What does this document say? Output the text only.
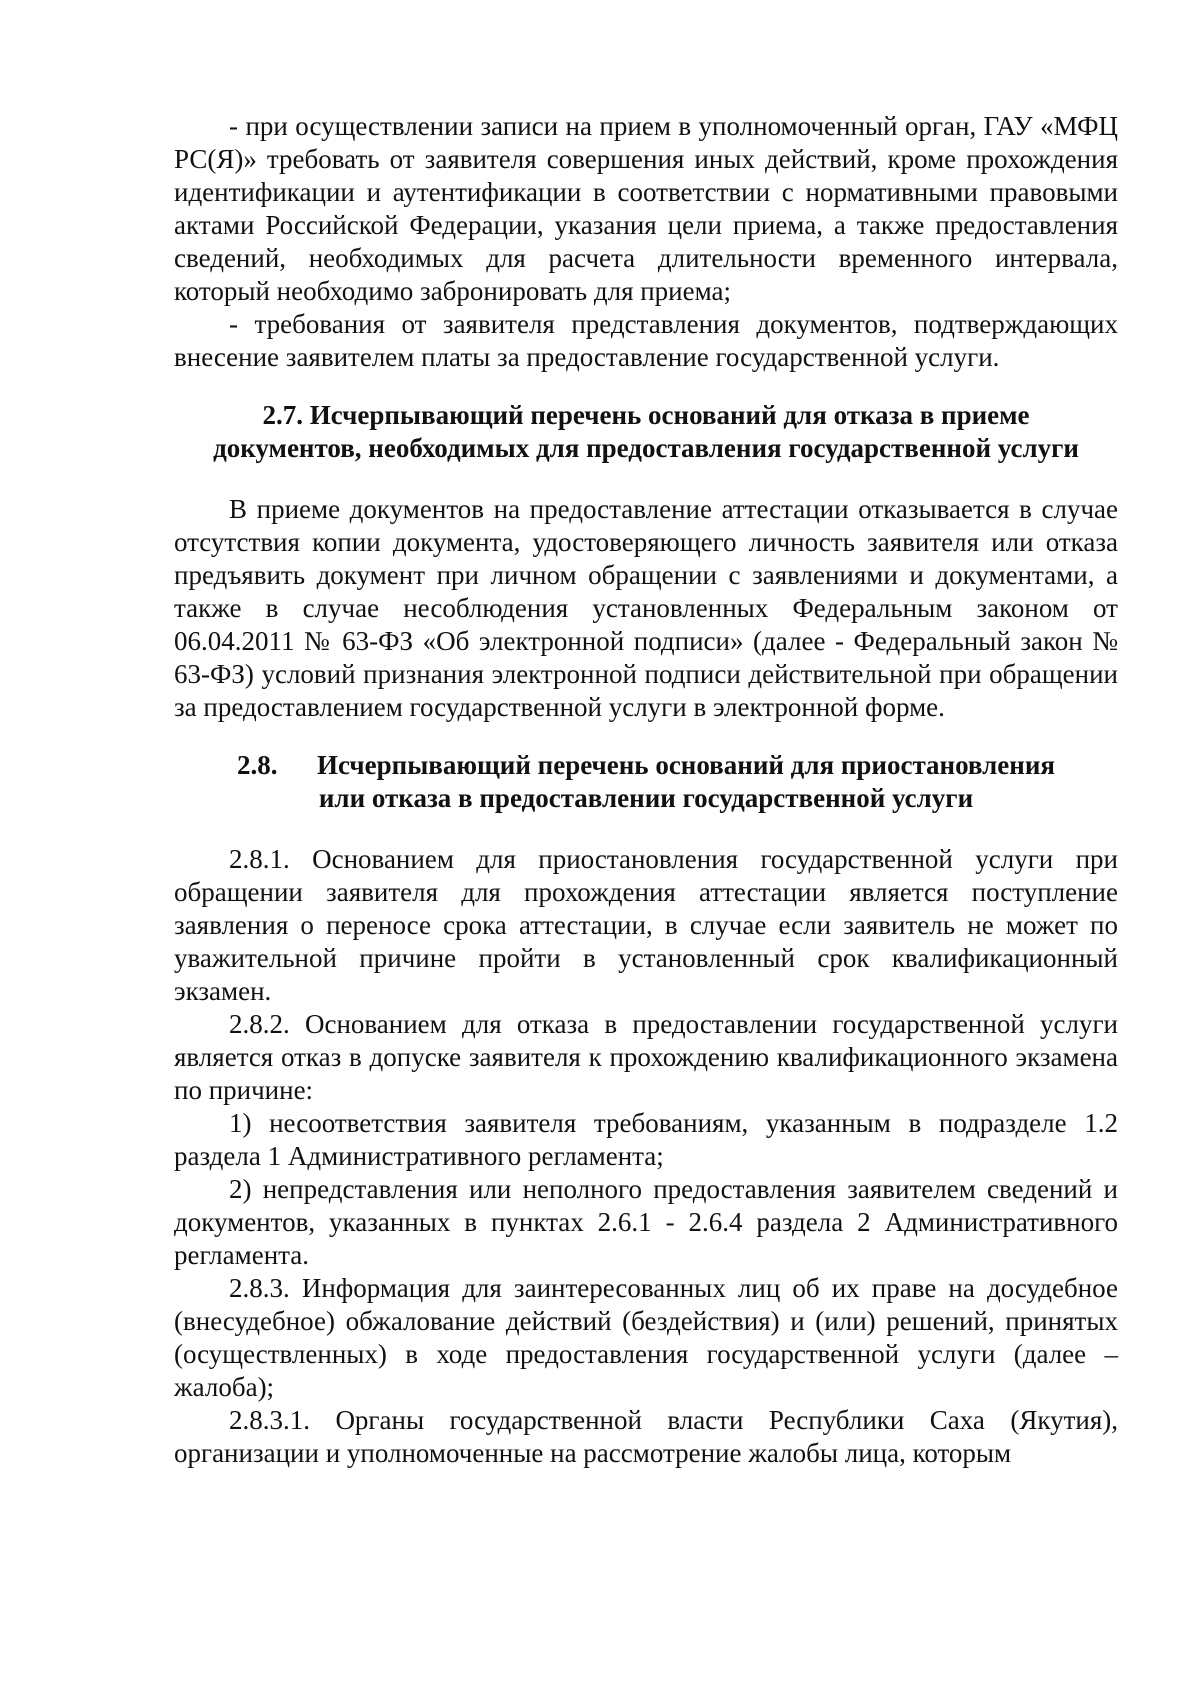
- при осуществлении записи на прием в уполномоченный орган, ГАУ «МФЦ РС(Я)» требовать от заявителя совершения иных действий, кроме прохождения идентификации и аутентификации в соответствии с нормативными правовыми актами Российской Федерации, указания цели приема, а также предоставления сведений, необходимых для расчета длительности временного интервала, который необходимо забронировать для приема;

- требования от заявителя представления документов, подтверждающих внесение заявителем платы за предоставление государственной услуги.

2.7. Исчерпывающий перечень оснований для отказа в приеме
документов, необходимых для предоставления государственной услуги

В приеме документов на предоставление аттестации отказывается в случае отсутствия копии документа, удостоверяющего личность заявителя или отказа предъявить документ при личном обращении с заявлениями и документами, а также в случае несоблюдения установленных Федеральным законом от 06.04.2011 № 63-ФЗ «Об электронной подписи» (далее - Федеральный закон № 63-ФЗ) условий признания электронной подписи действительной при обращении за предоставлением государственной услуги в электронной форме.

2.8. Исчерпывающий перечень оснований для приостановления
или отказа в предоставлении государственной услуги

2.8.1. Основанием для приостановления государственной услуги при обращении заявителя для прохождения аттестации является поступление заявления о переносе срока аттестации, в случае если заявитель не может по уважительной причине пройти в установленный срок квалификационный экзамен.

2.8.2. Основанием для отказа в предоставлении государственной услуги является отказ в допуске заявителя к прохождению квалификационного экзамена по причине:

1) несоответствия заявителя требованиям, указанным в подразделе 1.2 раздела 1 Административного регламента;

2) непредставления или неполного предоставления заявителем сведений и документов, указанных в пунктах 2.6.1 - 2.6.4 раздела 2 Административного регламента.

2.8.3. Информация для заинтересованных лиц об их праве на досудебное (внесудебное) обжалование действий (бездействия) и (или) решений, принятых (осуществленных) в ходе предоставления государственной услуги (далее – жалоба);

2.8.3.1. Органы государственной власти Республики Саха (Якутия), организации и уполномоченные на рассмотрение жалобы лица, которым
